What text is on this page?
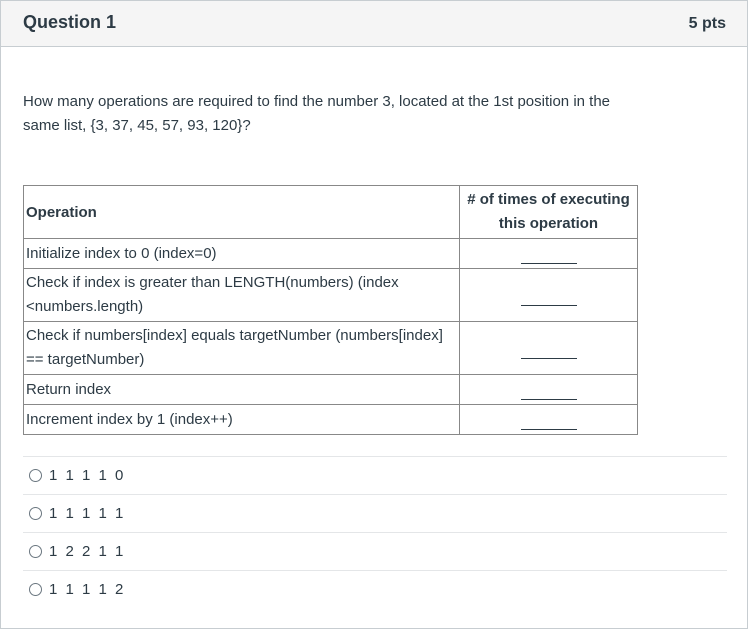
Question 1	5 pts
How many operations are required to find the number 3, located at the 1st position in the same list, {3, 37, 45, 57, 93, 120}?
Operation	# of times of executing this operation
Initialize index to 0 (index=0)	
Check if index is greater than LENGTH(numbers) (index <numbers.length)	
Check if numbers[index] equals targetNumber (numbers[index] == targetNumber)	
Return index	
Increment index by 1 (index++)	
1 1 1 1 0
1 1 1 1 1
1 2 2 1 1
1 1 1 1 2
